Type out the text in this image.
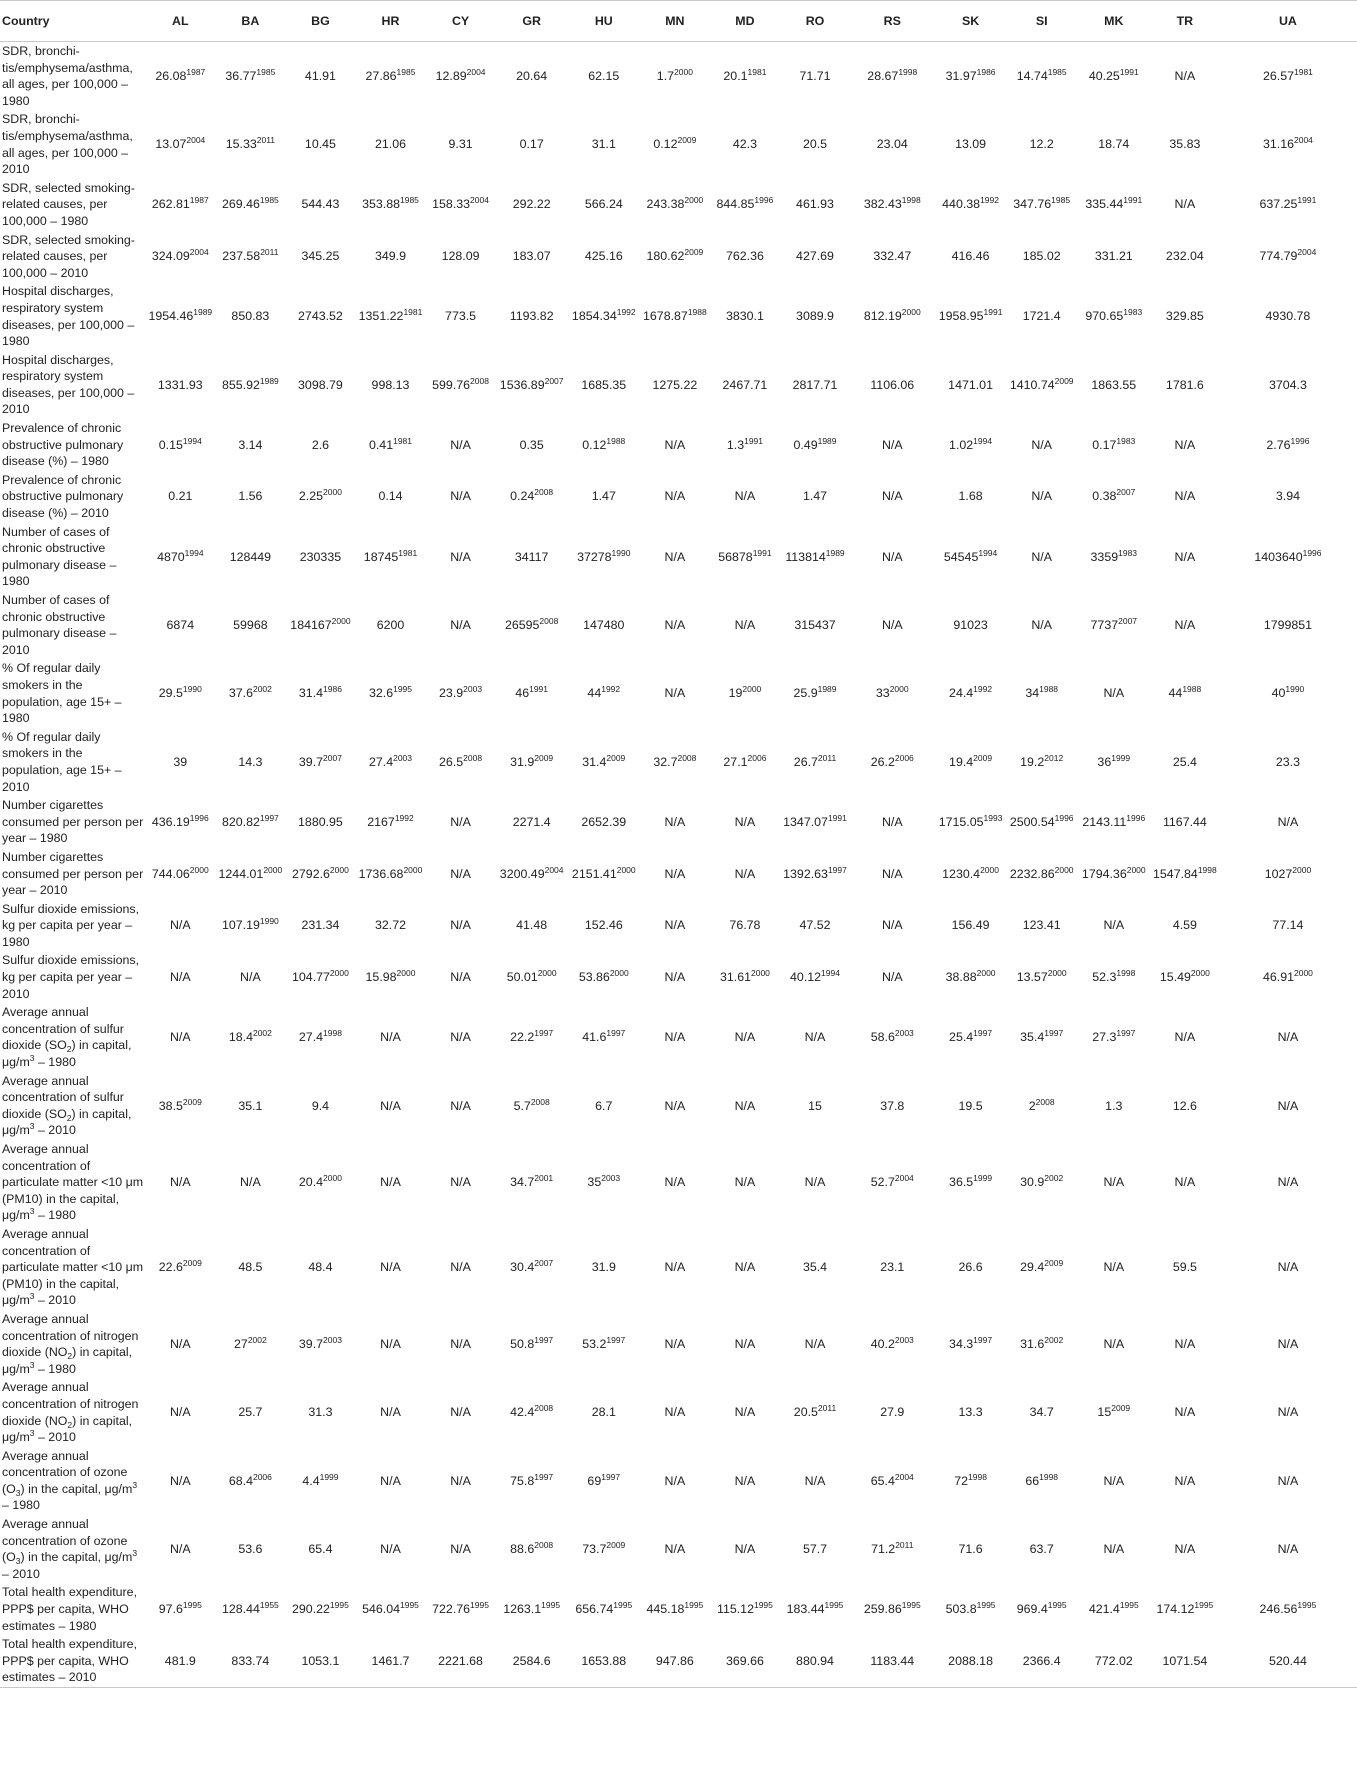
Country	AL	BA	BG	HR	CY	GR	HU	MN	MD	RO	RS	SK	SI	MK	TR	UA
SDR, bronchi-tis/emphysema/asthma, all ages, per 100,000 – 1980	$26.08^{1987}$	$36.77^{1985}$	41.91	$27.86^{1985}$	$12.89^{2004}$	20.64	62.15	$1.7^{2000}$	$20.1^{1981}$	71.71	$28.67^{1998}$	$31.97^{1986}$	$14.74^{1985}$	$40.25^{1991}$	N/A	$26.57^{1981}$
SDR, bronchi-tis/emphysema/asthma, all ages, per 100,000 – 2010	$13.07^{2004}$	$15.33^{2011}$	10.45	21.06	9.31	0.17	31.1	$0.12^{2009}$	42.3	20.5	23.04	13.09	12.2	18.74	35.83	$31.16^{2004}$
SDR, selected smoking-related causes, per 100,000 – 1980	$262.81^{1987}$	$269.46^{1985}$	544.43	$353.88^{1985}$	$158.33^{2004}$	292.22	566.24	$243.38^{2000}$	$844.85^{1996}$	461.93	$382.43^{1998}$	$440.38^{1992}$	$347.76^{1985}$	$335.44^{1991}$	N/A	$637.25^{1991}$
SDR, selected smoking-related causes, per 100,000 – 2010	$324.09^{2004}$	$237.58^{2011}$	345.25	349.9	128.09	183.07	425.16	$180.62^{2009}$	762.36	427.69	332.47	416.46	185.02	331.21	232.04	$774.79^{2004}$
Hospital discharges, respiratory system diseases, per 100,000 – 1980	$1954.46^{1989}$	850.83	2743.52	$1351.22^{1981}$	773.5	1193.82	$1854.34^{1992}$	$1678.87^{1988}$	3830.1	3089.9	$812.19^{2000}$	$1958.95^{1991}$	1721.4	$970.65^{1983}$	329.85	4930.78
Hospital discharges, respiratory system diseases, per 100,000 – 2010	1331.93	$855.92^{1989}$	3098.79	998.13	$599.76^{2008}$	$1536.89^{2007}$	1685.35	1275.22	2467.71	2817.71	1106.06	1471.01	$1410.74^{2009}$	1863.55	1781.6	3704.3
Prevalence of chronic obstructive pulmonary disease (%) – 1980	$0.15^{1994}$	3.14	2.6	$0.41^{1981}$	N/A	0.35	$0.12^{1988}$	N/A	$1.3^{1991}$	$0.49^{1989}$	N/A	$1.02^{1994}$	N/A	$0.17^{1983}$	N/A	$2.76^{1996}$
Prevalence of chronic obstructive pulmonary disease (%) – 2010	0.21	1.56	$2.25^{2000}$	0.14	N/A	$0.24^{2008}$	1.47	N/A	N/A	1.47	N/A	1.68	N/A	$0.38^{2007}$	N/A	3.94
Number of cases of chronic obstructive pulmonary disease – 1980	$4870^{1994}$	128449	230335	$18745^{1981}$	N/A	34117	$37278^{1990}$	N/A	$56878^{1991}$	$113814^{1989}$	N/A	$54545^{1994}$	N/A	$3359^{1983}$	N/A	$1403640^{1996}$
Number of cases of chronic obstructive pulmonary disease – 2010	6874	59968	$184167^{2000}$	6200	N/A	$26595^{2008}$	147480	N/A	N/A	315437	N/A	91023	N/A	$7737^{2007}$	N/A	1799851
% Of regular daily smokers in the population, age 15+ – 1980	$29.5^{1990}$	$37.6^{2002}$	$31.4^{1986}$	$32.6^{1995}$	$23.9^{2003}$	$46^{1991}$	$44^{1992}$	N/A	$19^{2000}$	$25.9^{1989}$	$33^{2000}$	$24.4^{1992}$	$34^{1988}$	N/A	$44^{1988}$	$40^{1990}$
% Of regular daily smokers in the population, age 15+ – 2010	39	14.3	$39.7^{2007}$	$27.4^{2003}$	$26.5^{2008}$	$31.9^{2009}$	$31.4^{2009}$	$32.7^{2008}$	$27.1^{2006}$	$26.7^{2011}$	$26.2^{2006}$	$19.4^{2009}$	$19.2^{2012}$	$36^{1999}$	25.4	23.3
Number cigarettes consumed per person per year – 1980	$436.19^{1996}$	$820.82^{1997}$	1880.95	$2167^{1992}$	N/A	2271.4	2652.39	N/A	N/A	$1347.07^{1991}$	N/A	$1715.05^{1993}$	$2500.54^{1996}$	$2143.11^{1996}$	1167.44	N/A
Number cigarettes consumed per person per year – 2010	$744.06^{2000}$	$1244.01^{2000}$	$2792.6^{2000}$	$1736.68^{2000}$	N/A	$3200.49^{2004}$	$2151.41^{2000}$	N/A	N/A	$1392.63^{1997}$	N/A	$1230.4^{2000}$	$2232.86^{2000}$	$1794.36^{2000}$	$1547.84^{1998}$	$1027^{2000}$
Sulfur dioxide emissions, kg per capita per year – 1980	N/A	$107.19^{1990}$	231.34	32.72	N/A	41.48	152.46	N/A	76.78	47.52	N/A	156.49	123.41	N/A	4.59	77.14
Sulfur dioxide emissions, kg per capita per year – 2010	N/A	N/A	$104.77^{2000}$	$15.98^{2000}$	N/A	$50.01^{2000}$	$53.86^{2000}$	N/A	$31.61^{2000}$	$40.12^{1994}$	N/A	$38.88^{2000}$	$13.57^{2000}$	$52.3^{1998}$	$15.49^{2000}$	$46.91^{2000}$
Average annual concentration of sulfur dioxide $(SO_2)$ in capital, $\mu g/m^3 - 1980$	N/A	$18.4^{2002}$	$27.4^{1998}$	N/A	N/A	$22.2^{1997}$	$41.6^{1997}$	N/A	N/A	N/A	$58.6^{2003}$	$25.4^{1997}$	$35.4^{1997}$	$27.3^{1997}$	N/A	N/A
Average annual concentration of sulfur dioxide $(SO_2)$ in capital, $\mu g/m^3 - 2010$	$38.5^{2009}$	35.1	9.4	N/A	N/A	$5.7^{2008}$	6.7	N/A	N/A	15	37.8	19.5	$2^{2008}$	1.3	12.6	N/A
Average annual concentration of particulate matter <10 μm (PM10) in the capital, $\mu g/m^3 - 1980$	N/A	N/A	$20.4^{2000}$	N/A	N/A	$34.7^{2001}$	$35^{2003}$	N/A	N/A	N/A	$52.7^{2004}$	$36.5^{1999}$	$30.9^{2002}$	N/A	N/A	N/A
Average annual concentration of particulate matter <10 μm (PM10) in the capital, $\mu g/m^3 - 2010$	$22.6^{2009}$	48.5	48.4	N/A	N/A	$30.4^{2007}$	31.9	N/A	N/A	35.4	23.1	26.6	$29.4^{2009}$	N/A	59.5	N/A
Average annual concentration of nitrogen dioxide $(NO_2)$ in capital, $\mu g/m^3 - 1980$	N/A	$27^{2002}$	$39.7^{2003}$	N/A	N/A	$50.8^{1997}$	$53.2^{1997}$	N/A	N/A	N/A	$40.2^{2003}$	$34.3^{1997}$	$31.6^{2002}$	N/A	N/A	N/A
Average annual concentration of nitrogen dioxide $(NO_2)$ in capital, $\mu g/m^3 - 2010$	N/A	25.7	31.3	N/A	N/A	$42.4^{2008}$	28.1	N/A	N/A	$20.5^{2011}$	27.9	13.3	34.7	$15^{2009}$	N/A	N/A
Average annual concentration of ozone $(O_3)$ in the capital, $\mu g/m^3 - 1980$	N/A	$68.4^{2006}$	$4.4^{1999}$	N/A	N/A	$75.8^{1997}$	$69^{1997}$	N/A	N/A	N/A	$65.4^{2004}$	$72^{1998}$	$66^{1998}$	N/A	N/A	N/A
Average annual concentration of ozone $(O_3)$ in the capital, $\mu g/m^3 - 2010$	N/A	53.6	65.4	N/A	N/A	$88.6^{2008}$	$73.7^{2009}$	N/A	N/A	57.7	$71.2^{2011}$	71.6	63.7	N/A	N/A	N/A
Total health expenditure, PPP$ per capita, WHO estimates – 1980	$97.6^{1995}$	$128.44^{1955}$	$290.22^{1995}$	$546.04^{1995}$	$722.76^{1995}$	$1263.1^{1995}$	$656.74^{1995}$	$445.18^{1995}$	$115.12^{1995}$	$183.44^{1995}$	$259.86^{1995}$	$503.8^{1995}$	$969.4^{1995}$	$421.4^{1995}$	$174.12^{1995}$	$246.56^{1995}$
Total health expenditure, PPP$ per capita, WHO estimates – 2010	481.9	833.74	1053.1	1461.7	2221.68	2584.6	1653.88	947.86	369.66	880.94	1183.44	2088.18	2366.4	772.02	1071.54	520.44
